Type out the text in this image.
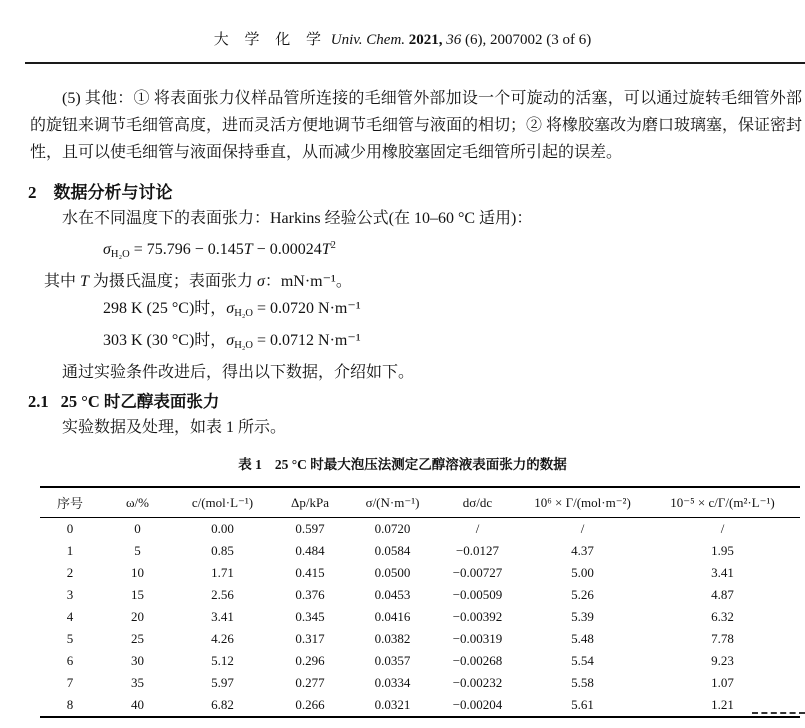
大 学 化 学 Univ. Chem. 2021, 36 (6), 2007002 (3 of 6)
(5) 其他：① 将表面张力仪样品管所连接的毛细管外部加设一个可旋动的活塞，可以通过旋转毛细管外部的旋钮来调节毛细管高度，进而灵活方便地调节毛细管与液面的相切；② 将橡胶塞改为磨口玻璃塞，保证密封性，且可以使毛细管与液面保持垂直，从而减少用橡胶塞固定毛细管所引起的误差。
2 数据分析与讨论
水在不同温度下的表面张力：Harkins 经验公式(在 10–60 °C 适用)：
$\sigma H_2O = 75.796 - 0.145T - 0.00024T^2$
其中 T 为摄氏温度；表面张力 σ：mN·m⁻¹。
298 K (25 °C)时，σH₂O = 0.0720 N·m⁻¹
303 K (30 °C)时，σH₂O = 0.0712 N·m⁻¹
通过实验条件改进后，得出以下数据，介绍如下。
2.1 25 °C 时乙醇表面张力
实验数据及处理，如表 1 所示。
表 1 25 °C 时最大泡压法测定乙醇溶液表面张力的数据
序号	ω/%	c/(mol·L⁻¹)	Δp/kPa	σ/(N·m⁻¹)	dσ/dc	10⁶ × Γ/(mol·m⁻²)	10⁻⁵ × c/Γ/(m²·L⁻¹)
0	0	0.00	0.597	0.0720	/	/	/
1	5	0.85	0.484	0.0584	−0.0127	4.37	1.95
2	10	1.71	0.415	0.0500	−0.00727	5.00	3.41
3	15	2.56	0.376	0.0453	−0.00509	5.26	4.87
4	20	3.41	0.345	0.0416	−0.00392	5.39	6.32
5	25	4.26	0.317	0.0382	−0.00319	5.48	7.78
6	30	5.12	0.296	0.0357	−0.00268	5.54	9.23
7	35	5.97	0.277	0.0334	−0.00232	5.58	1.07
8	40	6.82	0.266	0.0321	−0.00204	5.61	1.21
